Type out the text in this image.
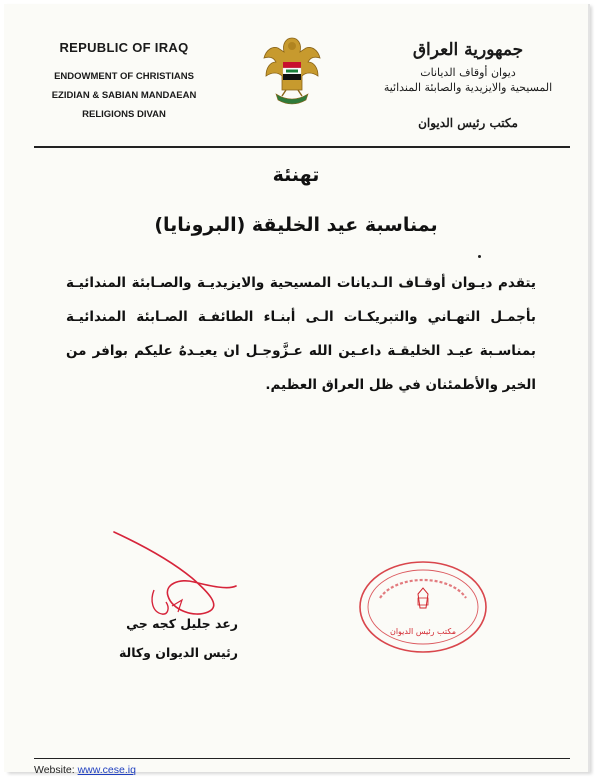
REPUBLIC OF IRAQ
ENDOWMENT OF CHRISTIANS
EZIDIAN & SABIAN MANDAEAN
RELIGIONS DIVAN
جمهورية العراق
ديوان أوقاف الديانات
المسيحية والايزيدية والصابئة المندائية
مكتب رئيس الديوان
تهنئة
بمناسبة عيد الخليقة (البرونايا)
يتقدم ديـوان أوقـاف الـديانات المسيحية والايزيديـة والصـابئة المندائيـة بأجمـل التهـاني والتبريكـات الـى أبنـاء الطائفـة الصـابئة المندائيـة بمناسـبة عيـد الخليقـة داعـين الله عـزَّوجـل ان يعيـدهُ عليكم بوافر من الخير والأطمئنان في ظل العراق العظيم.
رعد جليل كجه جي
رئيس الديوان وكالة
مكتب رئيس الديوان
Website: www.cese.iq
